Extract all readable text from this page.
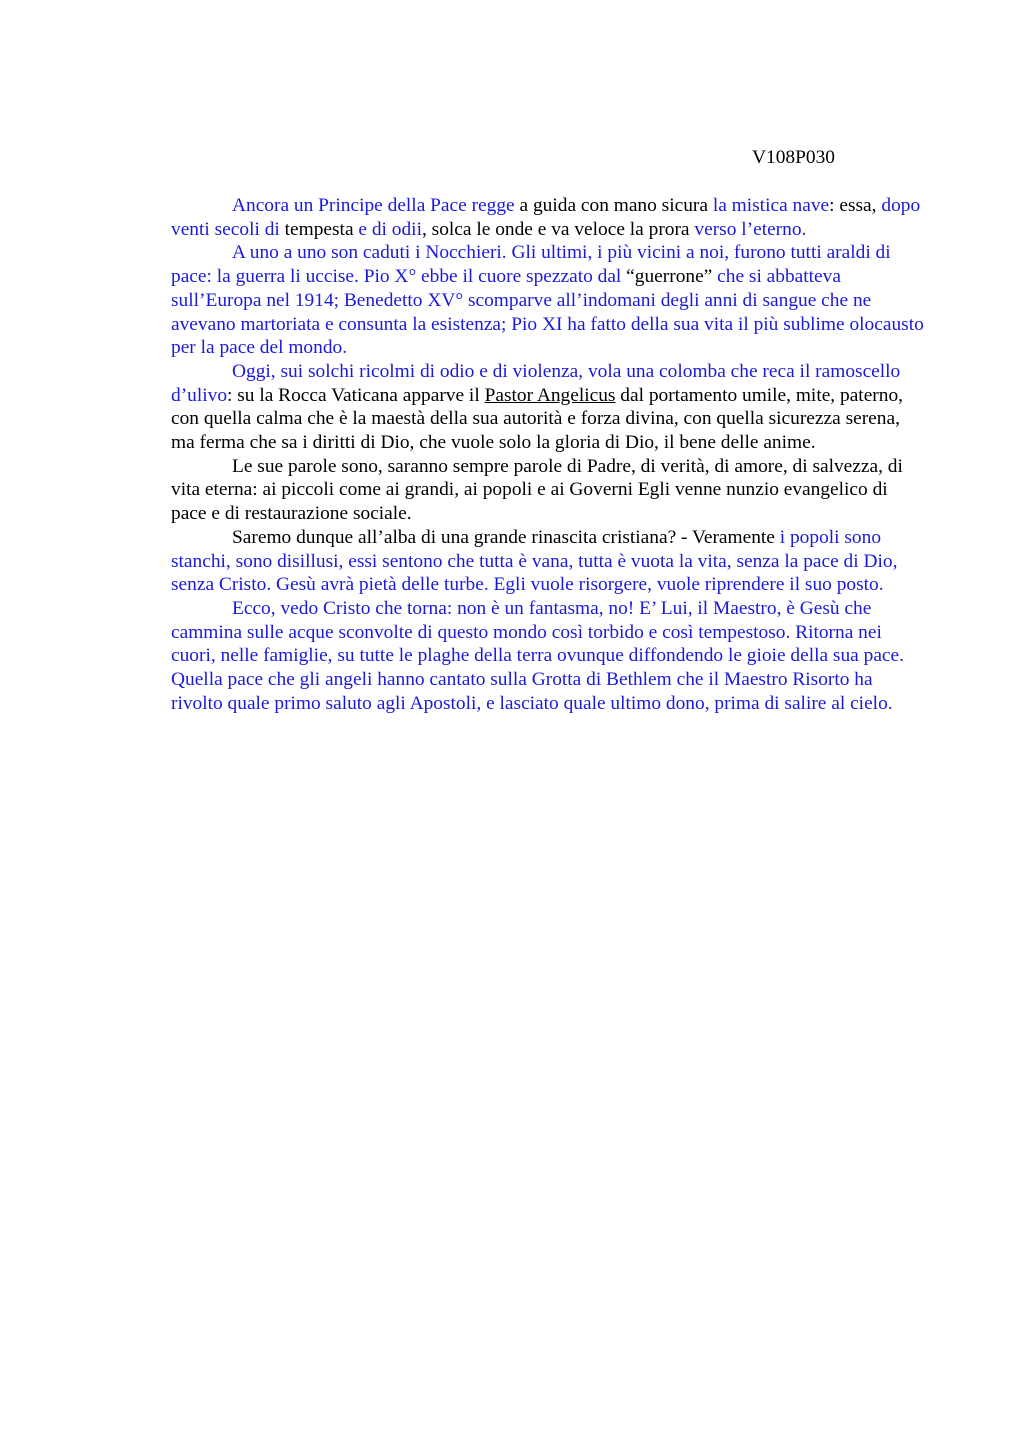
V108P030

Ancora un Principe della Pace regge a guida con mano sicura la mistica nave: essa, dopo venti secoli di tempesta e di odii, solca le onde e va veloce la prora verso l’eterno.

A uno a uno son caduti i Nocchieri. Gli ultimi, i più vicini a noi, furono tutti araldi di pace: la guerra li uccise. Pio X° ebbe il cuore spezzato dal “guerrone” che si abbatteva sull’Europa nel 1914; Benedetto XV° scomparve all’indomani degli anni di sangue che ne avevano martoriata e consunta la esistenza; Pio XI ha fatto della sua vita il più sublime olocausto per la pace del mondo.

Oggi, sui solchi ricolmi di odio e di violenza, vola una colomba che reca il ramoscello d’ulivo: su la Rocca Vaticana apparve il Pastor Angelicus dal portamento umile, mite, paterno, con quella calma che è la maestà della sua autorità e forza divina, con quella sicurezza serena, ma ferma che sa i diritti di Dio, che vuole solo la gloria di Dio, il bene delle anime.

Le sue parole sono, saranno sempre parole di Padre, di verità, di amore, di salvezza, di vita eterna: ai piccoli come ai grandi, ai popoli e ai Governi Egli venne nunzio evangelico di pace e di restaurazione sociale.

Saremo dunque all’alba di una grande rinascita cristiana? - Veramente i popoli sono stanchi, sono disillusi, essi sentono che tutta è vana, tutta è vuota la vita, senza la pace di Dio, senza Cristo. Gesù avrà pietà delle turbe. Egli vuole risorgere, vuole riprendere il suo posto.

Ecco, vedo Cristo che torna: non è un fantasma, no! E’ Lui, il Maestro, è Gesù che cammina sulle acque sconvolte di questo mondo così torbido e così tempestoso. Ritorna nei cuori, nelle famiglie, su tutte le plaghe della terra ovunque diffondendo le gioie della sua pace. Quella pace che gli angeli hanno cantato sulla Grotta di Bethlem che il Maestro Risorto ha rivolto quale primo saluto agli Apostoli, e lasciato quale ultimo dono, prima di salire al cielo.
